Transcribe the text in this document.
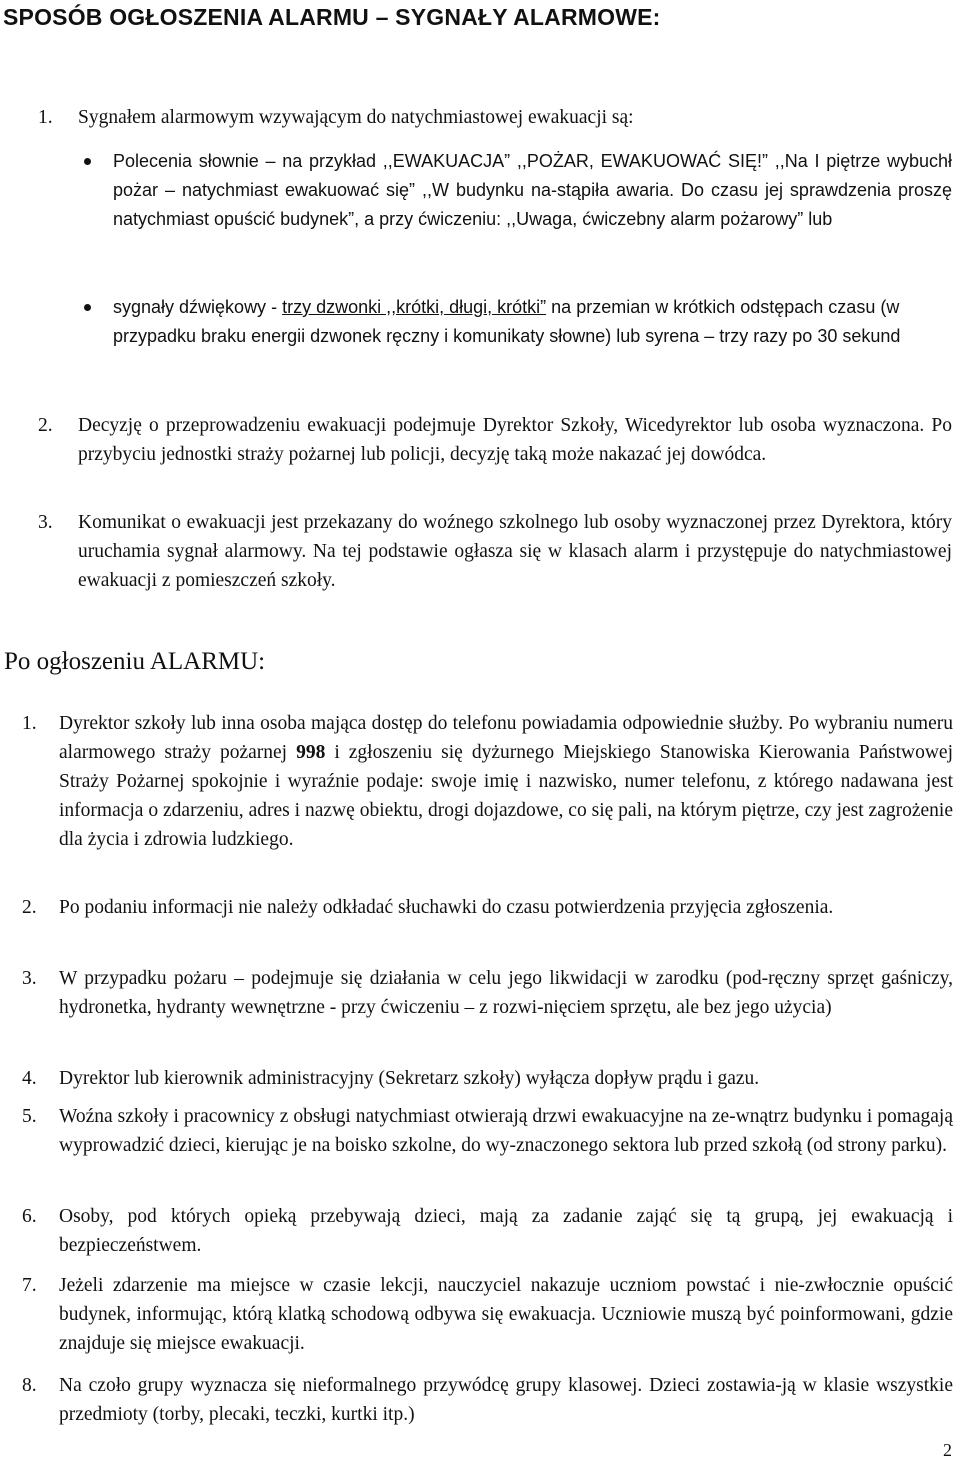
SPOSÓB OGŁOSZENIA ALARMU – SYGNAŁY ALARMOWE:
1. Sygnałem alarmowym wzywającym do natychmiastowej ewakuacji są:
Polecenia słownie – na przykład ,,EWAKUACJA” ,,POŻAR, EWAKUOWAĆ SIĘ!” ,,Na I piętrze wybuchł pożar – natychmiast ewakuować się” ,,W budynku na-stąpiła awaria. Do czasu jej sprawdzenia proszę natychmiast opuścić budynek”, a przy ćwiczeniu: ,,Uwaga, ćwiczebny alarm pożarowy” lub
sygnały dźwiękowy - trzy dzwonki ,,krótki, długi, krótki” na przemian w krótkich odstępach czasu (w przypadku braku energii dzwonek ręczny i komunikaty słowne) lub syrena – trzy razy po 30 sekund
2. Decyzję o przeprowadzeniu ewakuacji podejmuje Dyrektor Szkoły, Wicedyrektor lub osoba wyznaczona. Po przybyciu jednostki straży pożarnej lub policji, decyzję taką może nakazać jej dowódca.
3. Komunikat o ewakuacji jest przekazany do woźnego szkolnego lub osoby wyznaczonej przez Dyrektora, który uruchamia sygnał alarmowy. Na tej podstawie ogłasza się w klasach alarm i przystępuje do natychmiastowej ewakuacji z pomieszczeń szkoły.
Po ogłoszeniu ALARMU:
1. Dyrektor szkoły lub inna osoba mająca dostęp do telefonu powiadamia odpowiednie służby. Po wybraniu numeru alarmowego straży pożarnej 998 i zgłoszeniu się dyżurnego Miejskiego Stanowiska Kierowania Państwowej Straży Pożarnej spokojnie i wyraźnie podaje: swoje imię i nazwisko, numer telefonu, z którego nadawana jest informacja o zdarzeniu, adres i nazwę obiektu, drogi dojazdowe, co się pali, na którym piętrze, czy jest zagrożenie dla życia i zdrowia ludzkiego.
2. Po podaniu informacji nie należy odkładać słuchawki do czasu potwierdzenia przyjęcia zgłoszenia.
3. W przypadku pożaru – podejmuje się działania w celu jego likwidacji w zarodku (pod-ręczny sprzęt gaśniczy, hydronetka, hydranty wewnętrzne - przy ćwiczeniu – z rozwi-nięciem sprzętu, ale bez jego użycia)
4. Dyrektor lub kierownik administracyjny (Sekretarz szkoły) wyłącza dopływ prądu i gazu.
5. Woźna szkoły i pracownicy z obsługi natychmiast otwierają drzwi ewakuacyjne na ze-wnątrz budynku i pomagają wyprowadzić dzieci, kierując je na boisko szkolne, do wy-znaczonego sektora lub przed szkołą (od strony parku).
6. Osoby, pod których opieką przebywają dzieci, mają za zadanie zająć się tą grupą, jej ewakuacją i bezpieczeństwem.
7. Jeżeli zdarzenie ma miejsce w czasie lekcji, nauczyciel nakazuje uczniom powstać i nie-zwłocznie opuścić budynek, informując, którą klatką schodową odbywa się ewakuacja. Uczniowie muszą być poinformowani, gdzie znajduje się miejsce ewakuacji.
8. Na czoło grupy wyznacza się nieformalnego przywódcę grupy klasowej. Dzieci zostawia-ją w klasie wszystkie przedmioty (torby, plecaki, teczki, kurtki itp.)
2
